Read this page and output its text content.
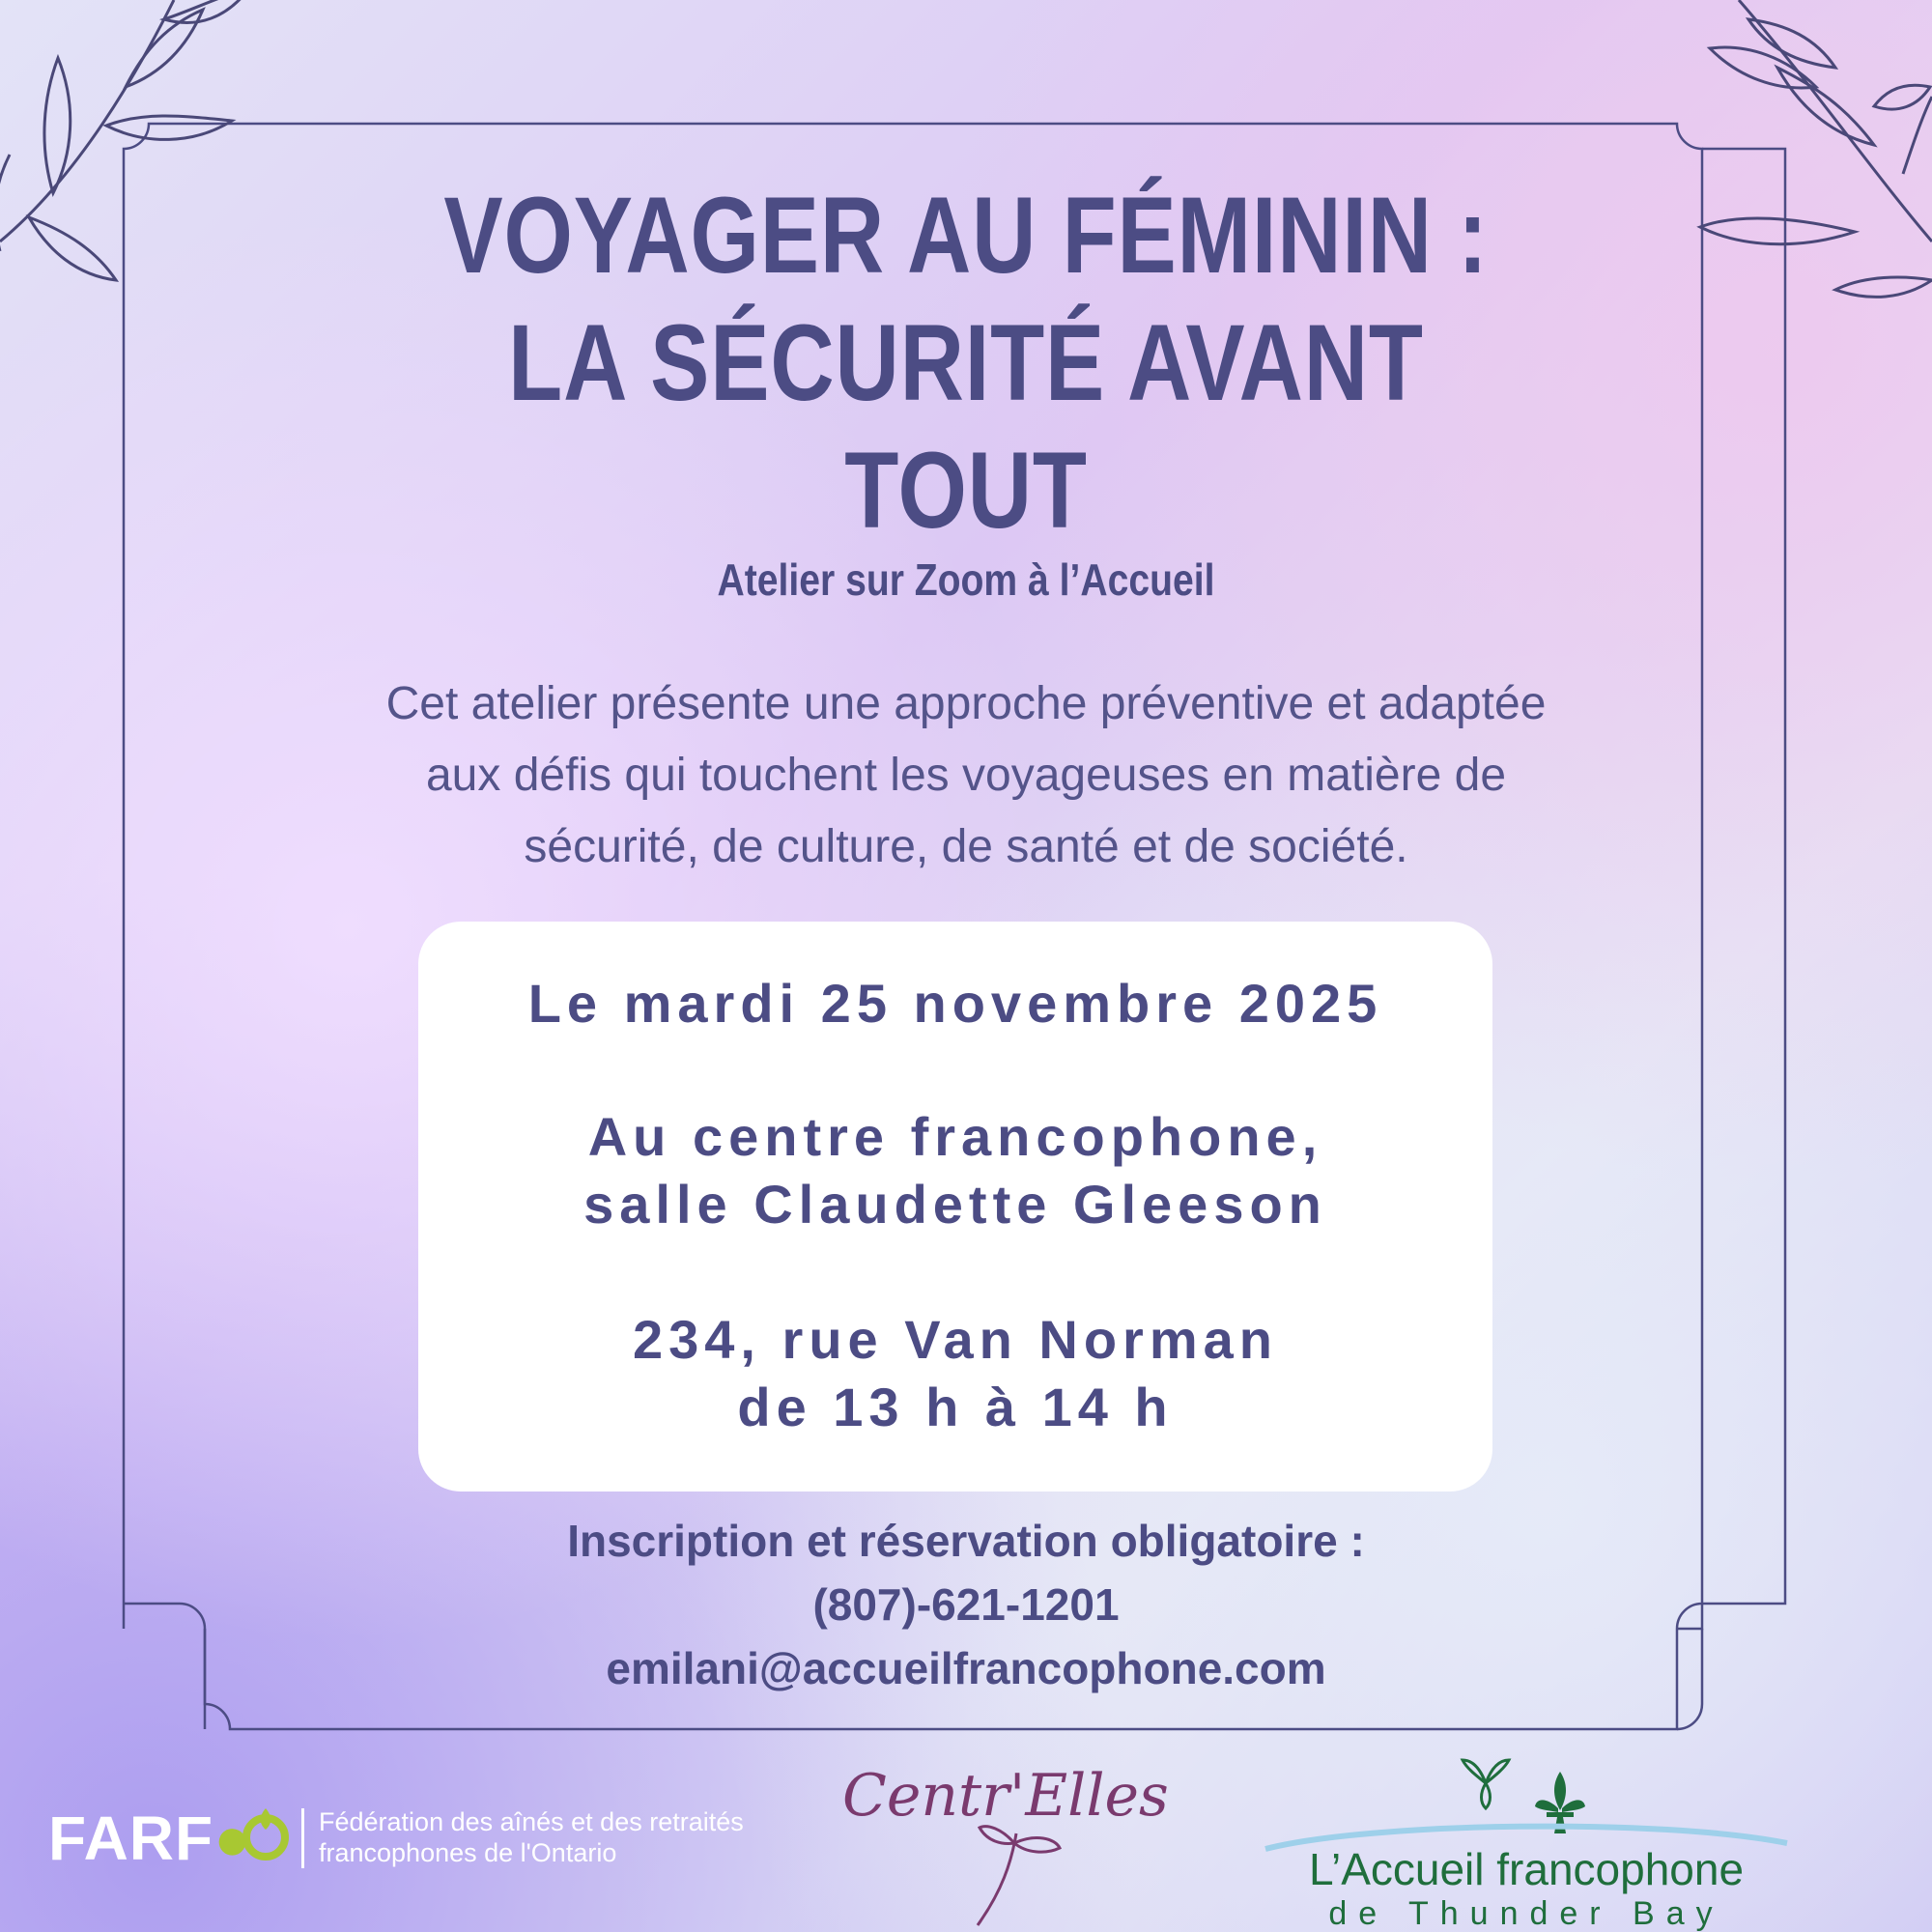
VOYAGER AU FÉMININ :
LA SÉCURITÉ AVANT
TOUT

Atelier sur Zoom à l’Accueil

Cet atelier présente une approche préventive et adaptée
aux défis qui touchent les voyageuses en matière de
sécurité, de culture, de santé et de société.

Le mardi 25 novembre 2025

Au centre francophone,

salle Claudette Gleeson

234, rue Van Norman

de 13 h à 14 h

Inscription et réservation obligatoire :

(807)-621-1201

emilani@accueilfrancophone.com

FARF●	Fédération des aînés et des retraités
francophones de l'Ontario
Centr'Elles
L’Accueil francophone
de Thunder Bay
